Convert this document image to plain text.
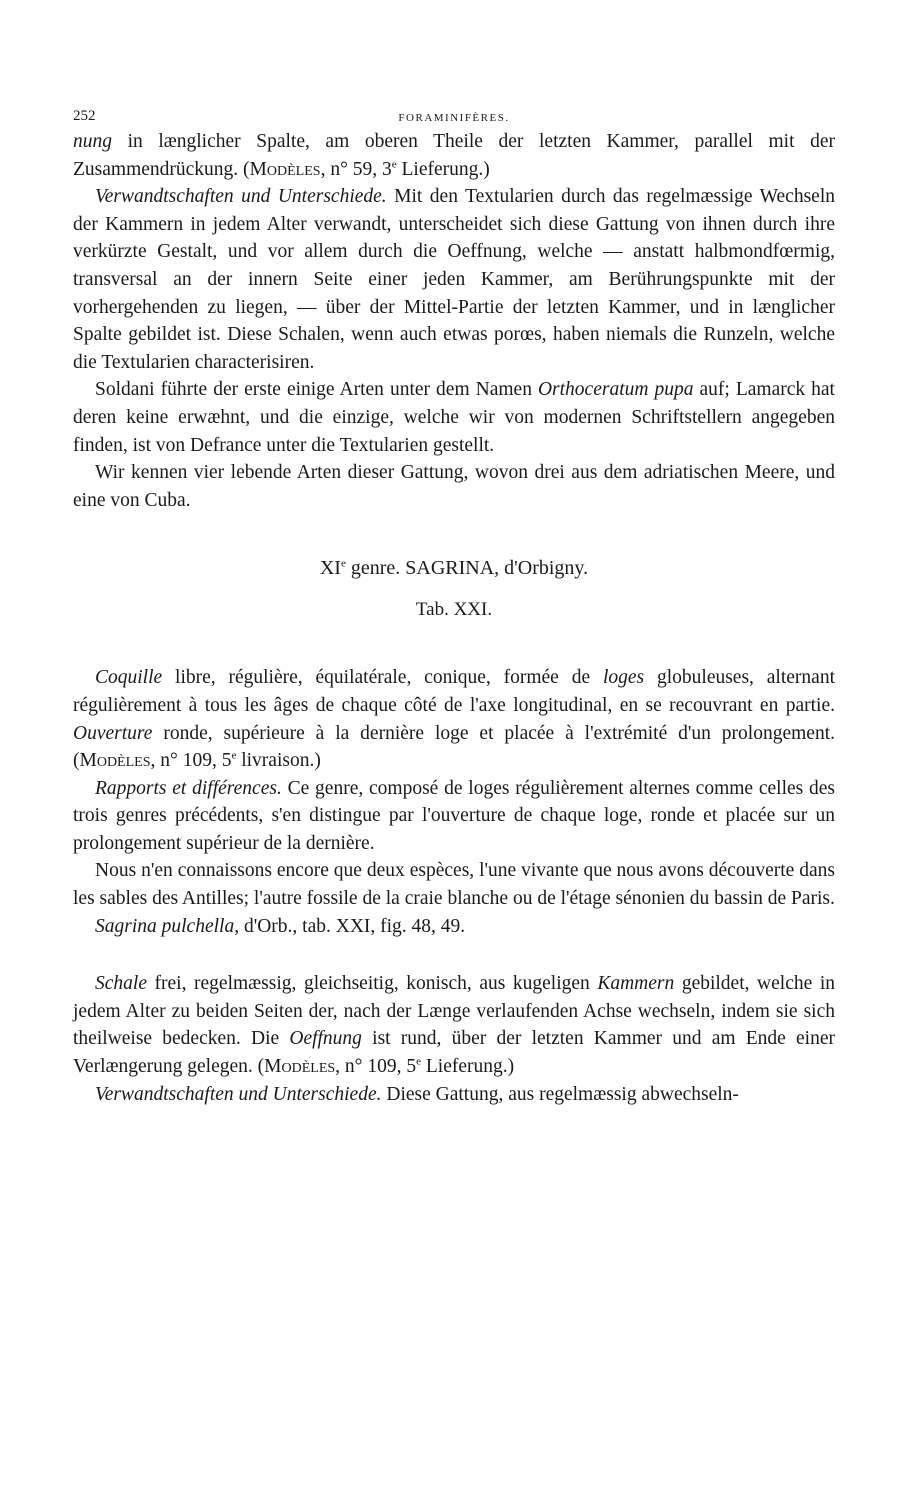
252	FORAMINIFÈRES.

nung in længlicher Spalte, am oberen Theile der letzten Kammer, parallel mit der Zusammendrückung. (Modèles, n° 59, 3e Lieferung.)

Verwandtschaften und Unterschiede. Mit den Textularien durch das regelmæssige Wechseln der Kammern in jedem Alter verwandt, unterscheidet sich diese Gattung von ihnen durch ihre verkürzte Gestalt, und vor allem durch die Oeffnung, welche — anstatt halbmondfœrmig, transversal an der innern Seite einer jeden Kammer, am Berührungspunkte mit der vorhergehenden zu liegen, — über der Mittel-Partie der letzten Kammer, und in længlicher Spalte gebildet ist. Diese Schalen, wenn auch etwas porœs, haben niemals die Runzeln, welche die Textularien characterisiren.

Soldani führte der erste einige Arten unter dem Namen Orthoceratum pupa auf; Lamarck hat deren keine erwæhnt, und die einzige, welche wir von modernen Schriftstellern angegeben finden, ist von Defrance unter die Textularien gestellt.

Wir kennen vier lebende Arten dieser Gattung, wovon drei aus dem adriatischen Meere, und eine von Cuba.

XIe genre. SAGRINA, d'Orbigny.
Tab. XXI.

Coquille libre, régulière, équilatérale, conique, formée de loges globuleuses, alternant régulièrement à tous les âges de chaque côté de l'axe longitudinal, en se recouvrant en partie. Ouverture ronde, supérieure à la dernière loge et placée à l'extrémité d'un prolongement. (Modèles, n° 109, 5e livraison.)

Rapports et différences. Ce genre, composé de loges régulièrement alternes comme celles des trois genres précédents, s'en distingue par l'ouverture de chaque loge, ronde et placée sur un prolongement supérieur de la dernière.

Nous n'en connaissons encore que deux espèces, l'une vivante que nous avons découverte dans les sables des Antilles; l'autre fossile de la craie blanche ou de l'étage sénonien du bassin de Paris.

Sagrina pulchella, d'Orb., tab. XXI, fig. 48, 49.

Schale frei, regelmæssig, gleichseitig, konisch, aus kugeligen Kammern gebildet, welche in jedem Alter zu beiden Seiten der, nach der Længe verlaufenden Achse wechseln, indem sie sich theilweise bedecken. Die Oeffnung ist rund, über der letzten Kammer und am Ende einer Verlængerung gelegen. (Modèles, n° 109, 5e Lieferung.)

Verwandtschaften und Unterschiede. Diese Gattung, aus regelmæssig abwechseln-
